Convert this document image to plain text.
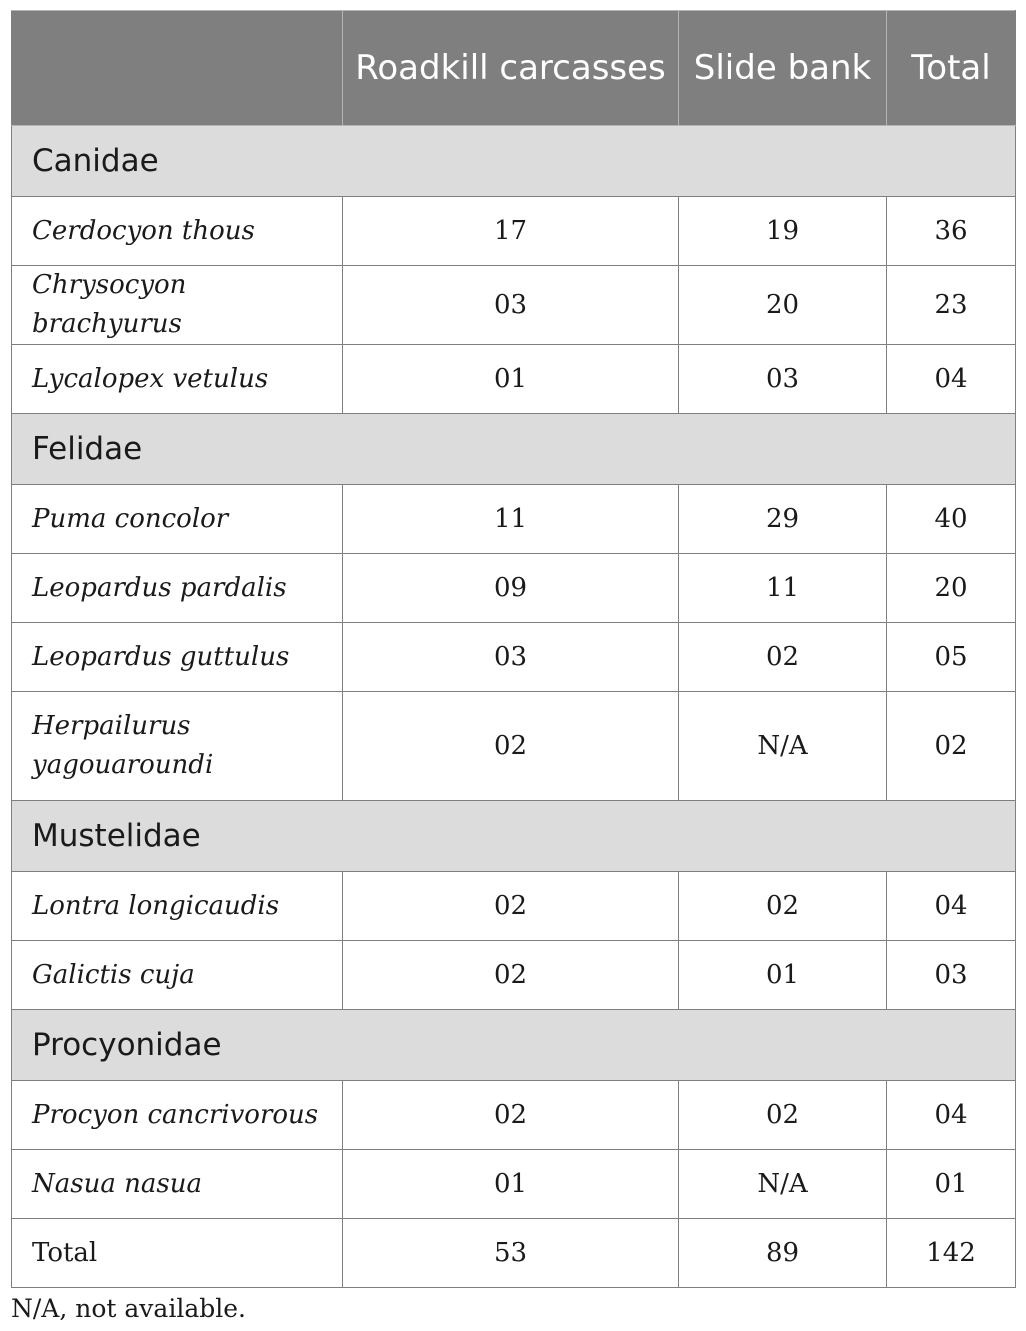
	Roadkill carcasses	Slide bank	Total
Canidae			
Cerdocyon thous	17	19	36
Chrysocyon brachyurus	03	20	23
Lycalopex vetulus	01	03	04
Felidae			
Puma concolor	11	29	40
Leopardus pardalis	09	11	20
Leopardus guttulus	03	02	05
Herpailurus yagouaroundi	02	N/A	02
Mustelidae			
Lontra longicaudis	02	02	04
Galictis cuja	02	01	03
Procyonidae			
Procyon cancrivorous	02	02	04
Nasua nasua	01	N/A	01
Total	53	89	142
N/A, not available.
